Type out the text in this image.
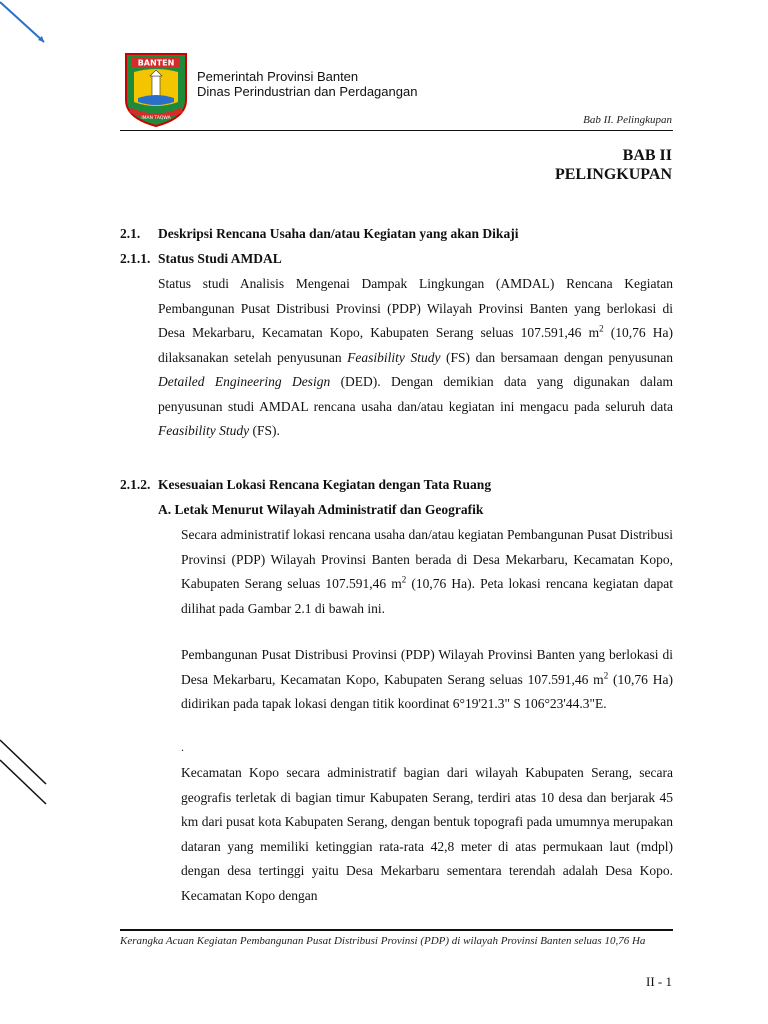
BANTEN
IMAN TAQWA
Pemerintah Provinsi Banten
Dinas Perindustrian dan Perdagangan
Bab II. Pelingkupan
BAB II
PELINGKUPAN
2.1. Deskripsi Rencana Usaha dan/atau Kegiatan yang akan Dikaji
2.1.1. Status Studi AMDAL

Status studi Analisis Mengenai Dampak Lingkungan (AMDAL) Rencana Kegiatan Pembangunan Pusat Distribusi Provinsi (PDP) Wilayah Provinsi Banten yang berlokasi di Desa Mekarbaru, Kecamatan Kopo, Kabupaten Serang seluas 107.591,46 $m^2$ (10,76 Ha) dilaksanakan setelah penyusunan Feasibility Study (FS) dan bersamaan dengan penyusunan Detailed Engineering Design (DED). Dengan demikian data yang digunakan dalam penyusunan studi AMDAL rencana usaha dan/atau kegiatan ini mengacu pada seluruh data Feasibility Study (FS).

2.1.2. Kesesuaian Lokasi Rencana Kegiatan dengan Tata Ruang
A. Letak Menurut Wilayah Administratif dan Geografik

Secara administratif lokasi rencana usaha dan/atau kegiatan Pembangunan Pusat Distribusi Provinsi (PDP) Wilayah Provinsi Banten berada di Desa Mekarbaru, Kecamatan Kopo, Kabupaten Serang seluas 107.591,46 $m^2$ (10,76 Ha). Peta lokasi rencana kegiatan dapat dilihat pada Gambar 2.1 di bawah ini.

Pembangunan Pusat Distribusi Provinsi (PDP) Wilayah Provinsi Banten yang berlokasi di Desa Mekarbaru, Kecamatan Kopo, Kabupaten Serang seluas 107.591,46 $m^2$ (10,76 Ha) didirikan pada tapak lokasi dengan titik koordinat 6°19'21.3" S 106°23'44.3"E.

.

Kecamatan Kopo secara administratif bagian dari wilayah Kabupaten Serang, secara geografis terletak di bagian timur Kabupaten Serang, terdiri atas 10 desa dan berjarak 45 km dari pusat kota Kabupaten Serang, dengan bentuk topografi pada umumnya merupakan dataran yang memiliki ketinggian rata-rata 42,8 meter di atas permukaan laut (mdpl) dengan desa tertinggi yaitu Desa Mekarbaru sementara terendah adalah Desa Kopo. Kecamatan Kopo dengan

Kerangka Acuan Kegiatan Pembangunan Pusat Distribusi Provinsi (PDP) di wilayah Provinsi Banten seluas 10,76 Ha
II - 1
